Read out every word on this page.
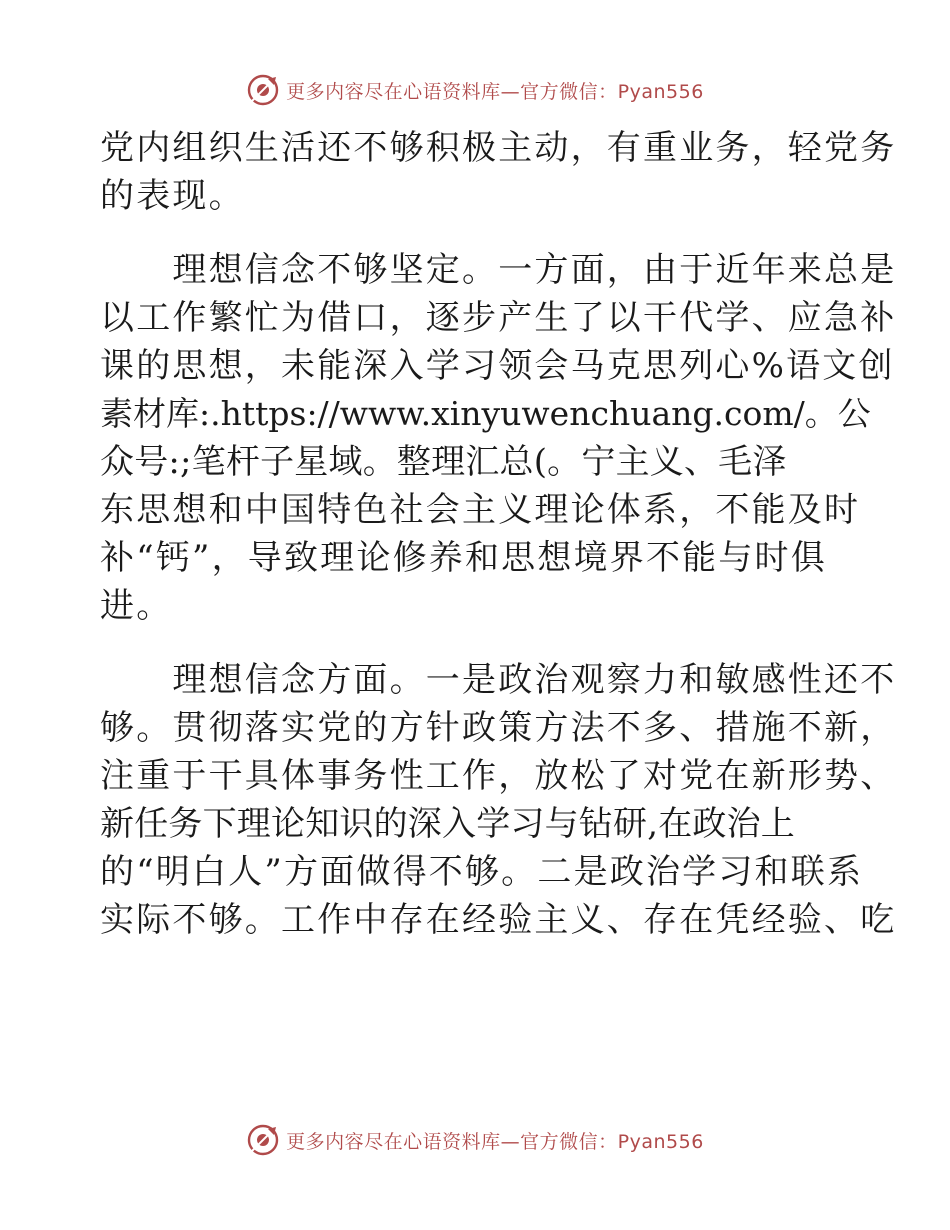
更多内容尽在心语资料库—官方微信：Pyan556
党内组织生活还不够积极主动，有重业务，轻党务
的表现。
　　理想信念不够坚定。一方面，由于近年来总是
以工作繁忙为借口，逐步产生了以干代学、应急补
课的思想，未能深入学习领会马克思列心%语文创
素材库:.https://www.xinyuwenchuang.com/。公
众号:;笔杆子星域。整理汇总(。宁主义、毛泽
东思想和中国特色社会主义理论体系，不能及时
补“钙”，导致理论修养和思想境界不能与时俱
进。
　　理想信念方面。一是政治观察力和敏感性还不
够。贯彻落实党的方针政策方法不多、措施不新，
注重于干具体事务性工作，放松了对党在新形势、
新任务下理论知识的深入学习与钻研,在政治上
的“明白人”方面做得不够。二是政治学习和联系
实际不够。工作中存在经验主义、存在凭经验、吃
更多内容尽在心语资料库—官方微信：Pyan556
